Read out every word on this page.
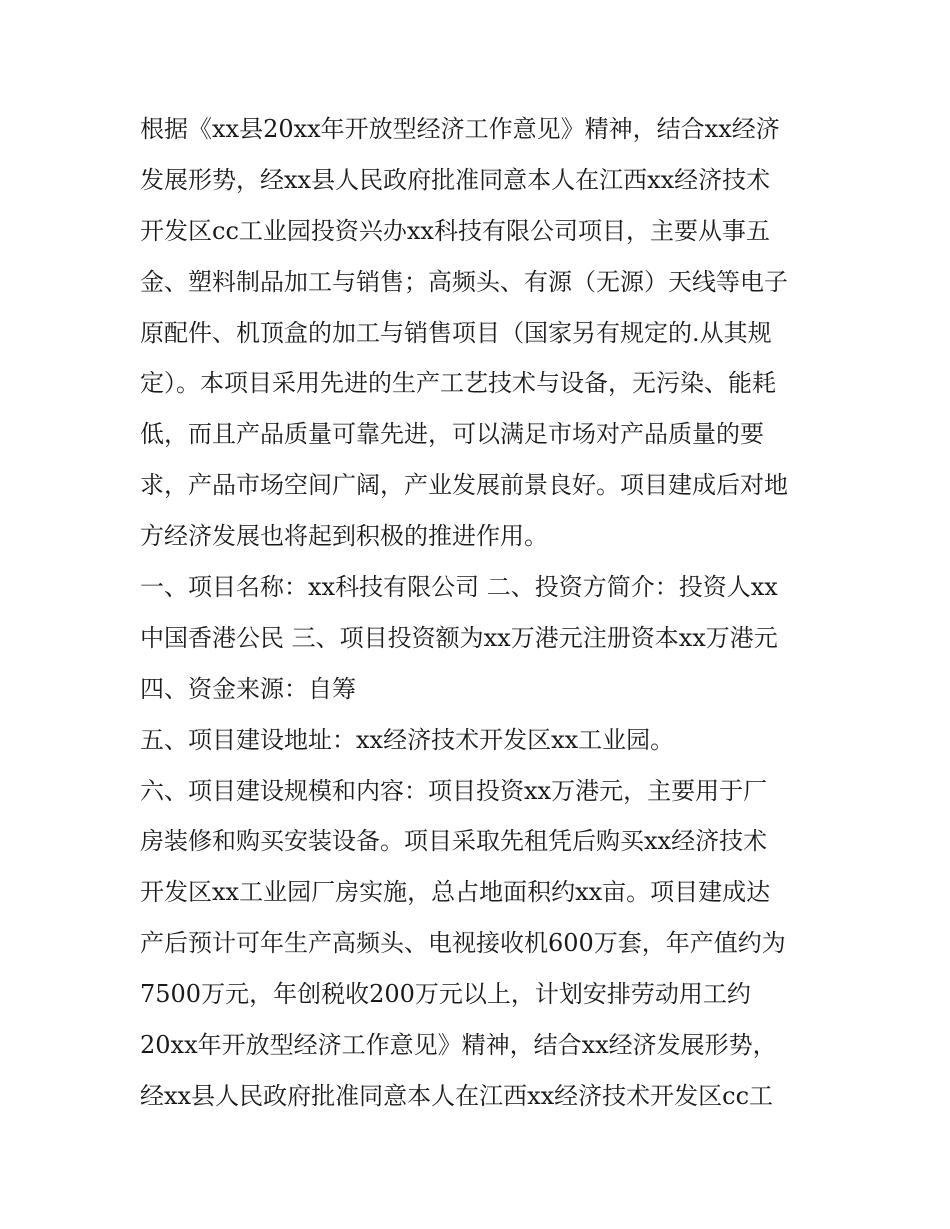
根据《xx县20xx年开放型经济工作意见》精神，结合xx经济
发展形势，经xx县人民政府批准同意本人在江西xx经济技术
开发区cc工业园投资兴办xx科技有限公司项目，主要从事五
金、塑料制品加工与销售；高频头、有源（无源）天线等电子
原配件、机顶盒的加工与销售项目（国家另有规定的.从其规
定）。本项目采用先进的生产工艺技术与设备，无污染、能耗
低，而且产品质量可靠先进，可以满足市场对产品质量的要
求，产品市场空间广阔，产业发展前景良好。项目建成后对地
方经济发展也将起到积极的推进作用。
一、项目名称：xx科技有限公司 二、投资方简介：投资人xx
中国香港公民 三、项目投资额为xx万港元注册资本xx万港元
四、资金来源：自筹
五、项目建设地址：xx经济技术开发区xx工业园。
六、项目建设规模和内容：项目投资xx万港元，主要用于厂
房装修和购买安装设备。项目采取先租凭后购买xx经济技术
开发区xx工业园厂房实施，总占地面积约xx亩。项目建成达
产后预计可年生产高频头、电视接收机600万套，年产值约为
7500万元，年创税收200万元以上，计划安排劳动用工约
20xx年开放型经济工作意见》精神，结合xx经济发展形势，
经xx县人民政府批准同意本人在江西xx经济技术开发区cc工
